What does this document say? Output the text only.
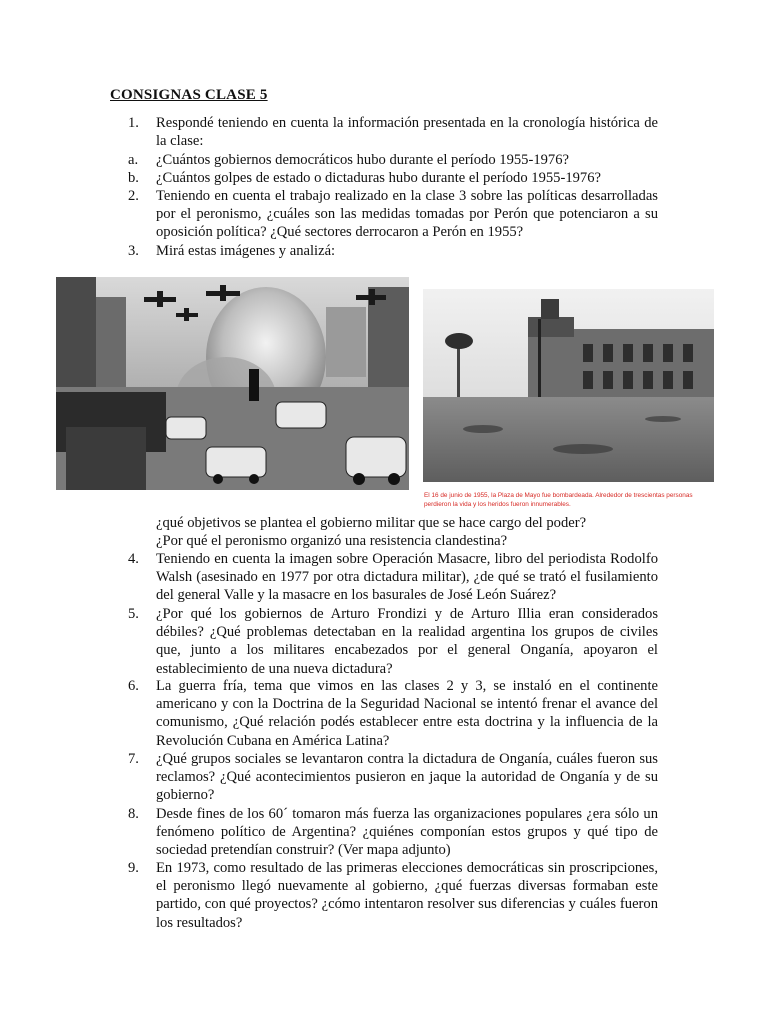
CONSIGNAS CLASE 5
1.	Respondé teniendo en cuenta la información presentada en la cronología histórica de la clase:
a.	¿Cuántos gobiernos democráticos hubo durante el período 1955-1976?
b.	¿Cuántos golpes de estado o dictaduras hubo durante el período 1955-1976?
2.	Teniendo en cuenta el trabajo realizado en la clase 3 sobre las políticas desarrolladas por el peronismo, ¿cuáles son las medidas tomadas por Perón que potenciaron a su oposición política? ¿Qué sectores derrocaron a Perón en 1955?
3.	Mirá estas imágenes y analizá:
El 16 de junio de 1955, la Plaza de Mayo fue bombardeada. Alrededor de trescientas personas perdieron la vida y los heridos fueron innumerables.
¿qué objetivos se plantea el gobierno militar que se hace cargo del poder?
¿Por qué el peronismo organizó una resistencia clandestina?
4.	Teniendo en cuenta la imagen sobre Operación Masacre, libro del periodista Rodolfo Walsh (asesinado en 1977 por otra dictadura militar), ¿de qué se trató el fusilamiento del general Valle y la masacre en los basurales de José León Suárez?
5.	¿Por qué los gobiernos de Arturo Frondizi y de Arturo Illia eran considerados débiles? ¿Qué problemas detectaban en la realidad argentina los grupos de civiles que, junto a los militares encabezados por el general Onganía, apoyaron el establecimiento de una nueva dictadura?
6.	La guerra fría, tema que vimos en las clases 2 y 3, se instaló en el continente americano y con la Doctrina de la Seguridad Nacional se intentó frenar el avance del comunismo, ¿Qué relación podés establecer entre esta doctrina y la influencia de la Revolución Cubana en América Latina?
7.	¿Qué grupos sociales se levantaron contra la dictadura de Onganía, cuáles fueron sus reclamos? ¿Qué acontecimientos pusieron en jaque la autoridad de Onganía y de su gobierno?
8.	Desde fines de los 60´ tomaron más fuerza las organizaciones populares ¿era sólo un fenómeno político de Argentina? ¿quiénes componían estos grupos y qué tipo de sociedad pretendían construir? (Ver mapa adjunto)
9.	En 1973, como resultado de las primeras elecciones democráticas sin proscripciones, el peronismo llegó nuevamente al gobierno, ¿qué fuerzas diversas formaban este partido, con qué proyectos? ¿cómo intentaron resolver sus diferencias y cuáles fueron los resultados?
